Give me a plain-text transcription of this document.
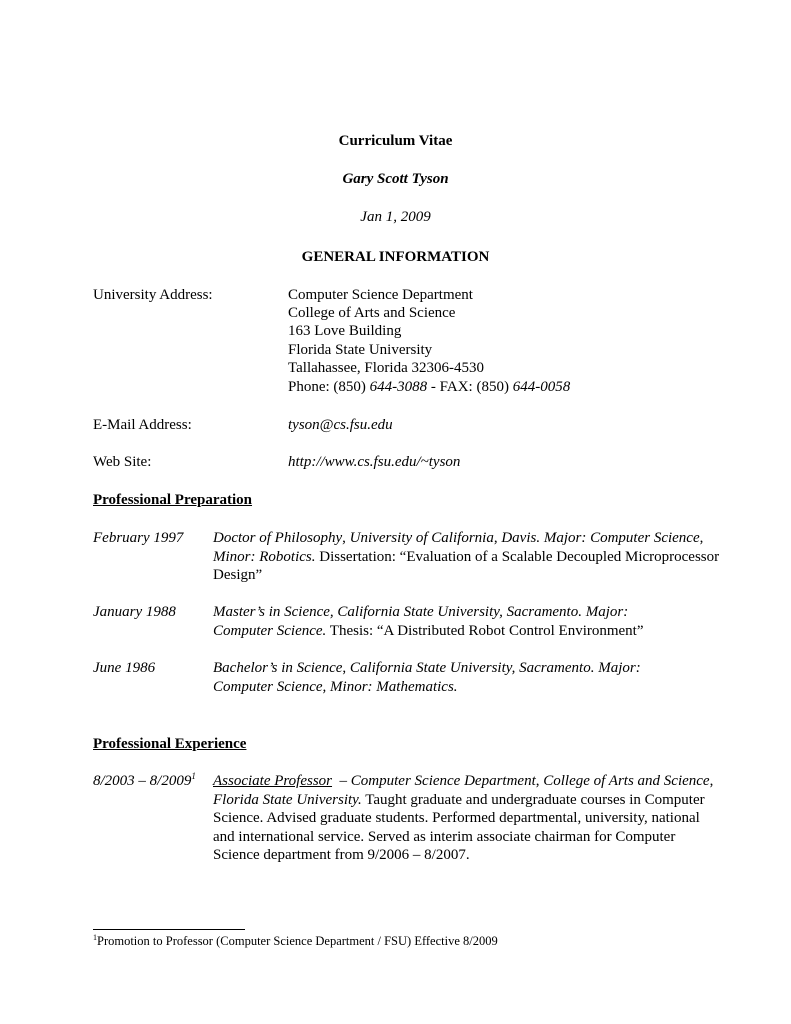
Curriculum Vitae
Gary Scott Tyson
Jan 1, 2009
GENERAL INFORMATION
University Address:	Computer Science Department
College of Arts and Science
163 Love Building
Florida State University
Tallahassee, Florida 32306-4530
Phone: (850) 644-3088 - FAX: (850) 644-0058
E-Mail Address:	tyson@cs.fsu.edu
Web Site:	http://www.cs.fsu.edu/~tyson
Professional Preparation
February 1997 Doctor of Philosophy, University of California, Davis. Major: Computer Science, Minor: Robotics. Dissertation: “Evaluation of a Scalable Decoupled Microprocessor Design”
January 1988 Master’s in Science, California State University, Sacramento. Major: Computer Science. Thesis: “A Distributed Robot Control Environment”
June 1986	Bachelor’s in Science, California State University, Sacramento. Major: Computer Science, Minor: Mathematics.
Professional Experience
8/2003 – 8/2009$^1$ Associate Professor  – Computer Science Department, College of Arts and Science, Florida State University. Taught graduate and undergraduate courses in Computer Science. Advised graduate students. Performed departmental, university, national and international service. Served as interim associate chairman for Computer Science department from 9/2006 – 8/2007.
$^1$Promotion to Professor (Computer Science Department / FSU) Effective 8/2009
